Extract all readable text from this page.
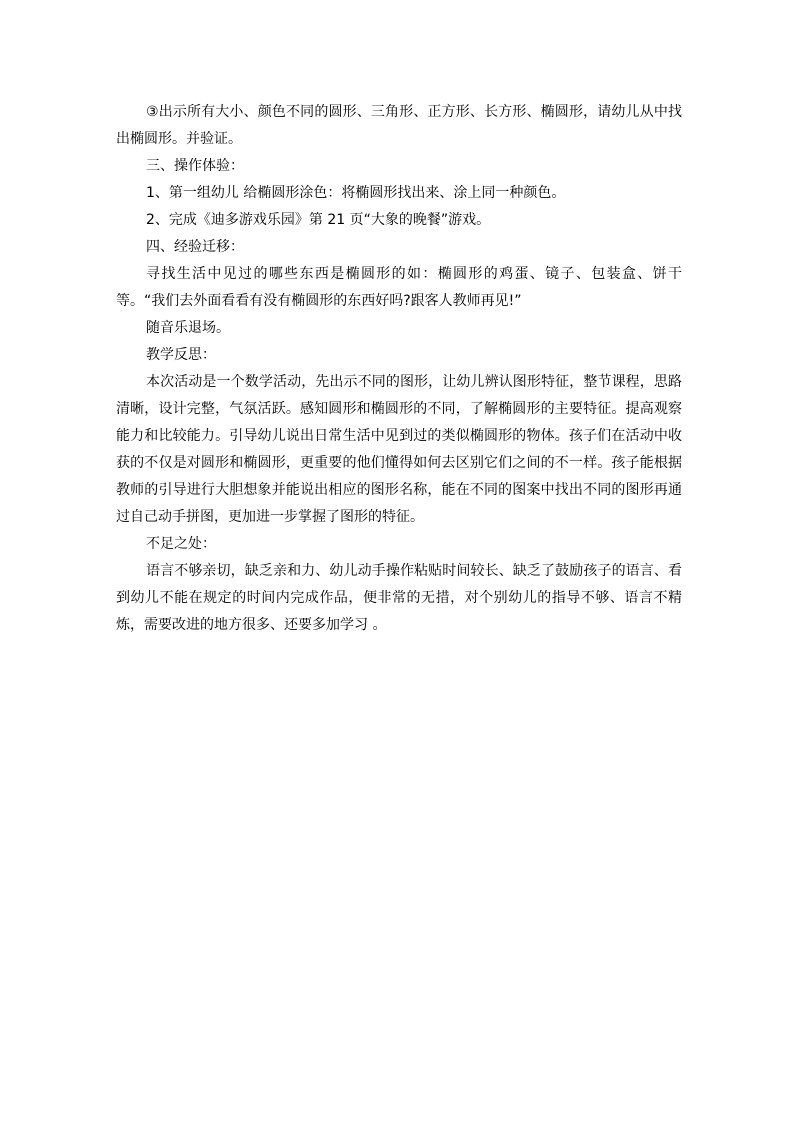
③出示所有大小、颜色不同的圆形、三角形、正方形、长方形、椭圆形，请幼儿从中找出椭圆形。并验证。

三、操作体验：

1、第一组幼儿 给椭圆形涂色：将椭圆形找出来、涂上同一种颜色。

2、完成《迪多游戏乐园》第 21 页“大象的晚餐”游戏。

四、经验迁移：

寻找生活中见过的哪些东西是椭圆形的如：椭圆形的鸡蛋、镜子、包装盒、饼干等。“我们去外面看看有没有椭圆形的东西好吗?跟客人教师再见!”

随音乐退场。

教学反思：

本次活动是一个数学活动，先出示不同的图形，让幼儿辨认图形特征，整节课程，思路清晰，设计完整，气氛活跃。感知圆形和椭圆形的不同，了解椭圆形的主要特征。提高观察能力和比较能力。引导幼儿说出日常生活中见到过的类似椭圆形的物体。孩子们在活动中收获的不仅是对圆形和椭圆形，更重要的他们懂得如何去区别它们之间的不一样。孩子能根据教师的引导进行大胆想象并能说出相应的图形名称，能在不同的图案中找出不同的图形再通过自己动手拼图，更加进一步掌握了图形的特征。

不足之处：

语言不够亲切，缺乏亲和力、幼儿动手操作粘贴时间较长、缺乏了鼓励孩子的语言、看到幼儿不能在规定的时间内完成作品，便非常的无措，对个别幼儿的指导不够、语言不精炼，需要改进的地方很多、还要多加学习 。
